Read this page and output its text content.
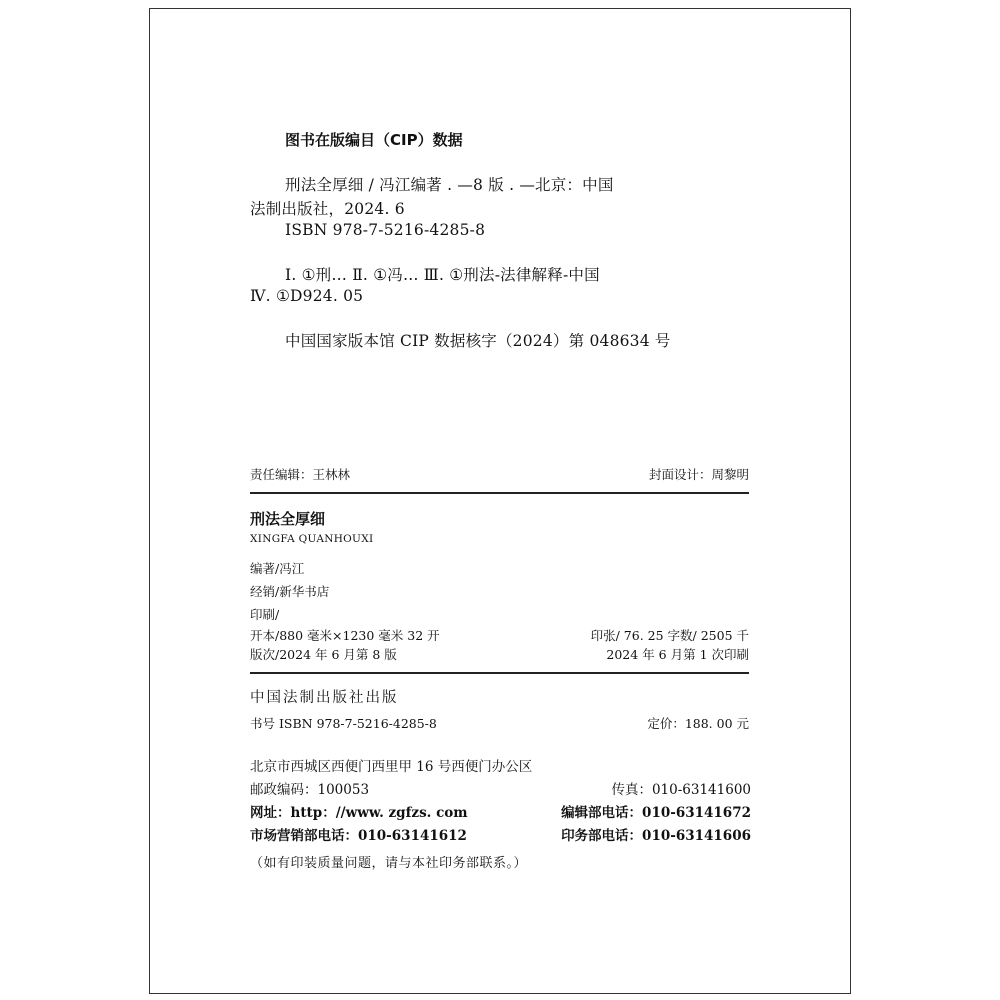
图书在版编目（CIP）数据
刑法全厚细 / 冯江编著 . —8 版 . —北京：中国
法制出版社，2024. 6
ISBN 978-7-5216-4285-8
Ⅰ. ①刑… Ⅱ. ①冯… Ⅲ. ①刑法-法律解释-中国
Ⅳ. ①D924. 05
中国国家版本馆 CIP 数据核字（2024）第 048634 号
责任编辑：王林林	封面设计：周黎明
刑法全厚细
XINGFA QUANHOUXI
编著/冯江
经销/新华书店
印刷/
开本/880 毫米×1230 毫米 32 开	印张/ 76. 25 字数/ 2505 千
版次/2024 年 6 月第 8 版	2024 年 6 月第 1 次印刷
中国法制出版社出版
书号 ISBN 978-7-5216-4285-8	定价：188. 00 元
北京市西城区西便门西里甲 16 号西便门办公区
邮政编码：100053	传真：010-63141600
网址：http：//www. zgfzs. com	编辑部电话：010-63141672
市场营销部电话：010-63141612	印务部电话：010-63141606
（如有印装质量问题，请与本社印务部联系。）
